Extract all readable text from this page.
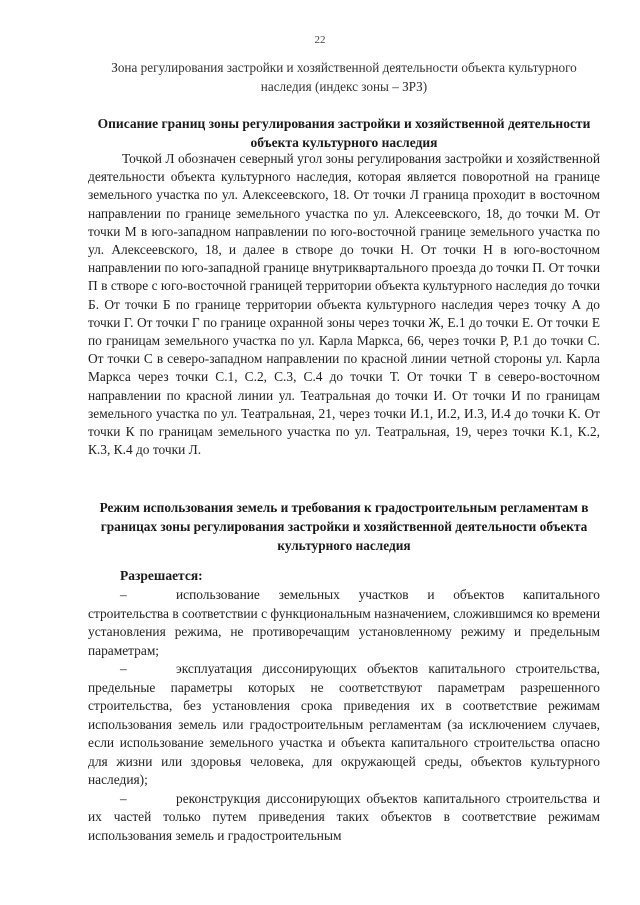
22
Зона регулирования застройки и хозяйственной деятельности объекта культурного наследия (индекс зоны – ЗРЗ)
Описание границ зоны регулирования застройки и хозяйственной деятельности объекта культурного наследия
Точкой Л обозначен северный угол зоны регулирования застройки и хозяйственной деятельности объекта культурного наследия, которая является поворотной на границе земельного участка по ул. Алексеевского, 18. От точки Л граница проходит в восточном направлении по границе земельного участка по ул. Алексеевского, 18, до точки М. От точки М в юго-западном направлении по юго-восточной границе земельного участка по ул. Алексеевского, 18, и далее в створе до точки Н. От точки Н в юго-восточном направлении по юго-западной границе внутриквартального проезда до точки П. От точки П в створе с юго-восточной границей территории объекта культурного наследия до точки Б. От точки Б по границе территории объекта культурного наследия через точку А до точки Г. От точки Г по границе охранной зоны через точки Ж, Е.1 до точки Е. От точки Е по границам земельного участка по ул. Карла Маркса, 66, через точки Р, Р.1 до точки С. От точки С в северо-западном направлении по красной линии четной стороны ул. Карла Маркса через точки С.1, С.2, С.3, С.4 до точки Т. От точки Т в северо-восточном направлении по красной линии ул. Театральная до точки И. От точки И по границам земельного участка по ул. Театральная, 21, через точки И.1, И.2, И.3, И.4 до точки К. От точки К по границам земельного участка по ул. Театральная, 19, через точки К.1, К.2, К.3, К.4 до точки Л.
Режим использования земель и требования к градостроительным регламентам в границах зоны регулирования застройки и хозяйственной деятельности объекта культурного наследия
Разрешается:
–	использование земельных участков и объектов капитального строительства в соответствии с функциональным назначением, сложившимся ко времени установления режима, не противоречащим установленному режиму и предельным параметрам;
–	эксплуатация диссонирующих объектов капитального строительства, предельные параметры которых не соответствуют параметрам разрешенного строительства, без установления срока приведения их в соответствие режимам использования земель или градостроительным регламентам (за исключением случаев, если использование земельного участка и объекта капитального строительства опасно для жизни или здоровья человека, для окружающей среды, объектов культурного наследия);
–	реконструкция диссонирующих объектов капитального строительства и их частей только путем приведения таких объектов в соответствие режимам использования земель и градостроительным
